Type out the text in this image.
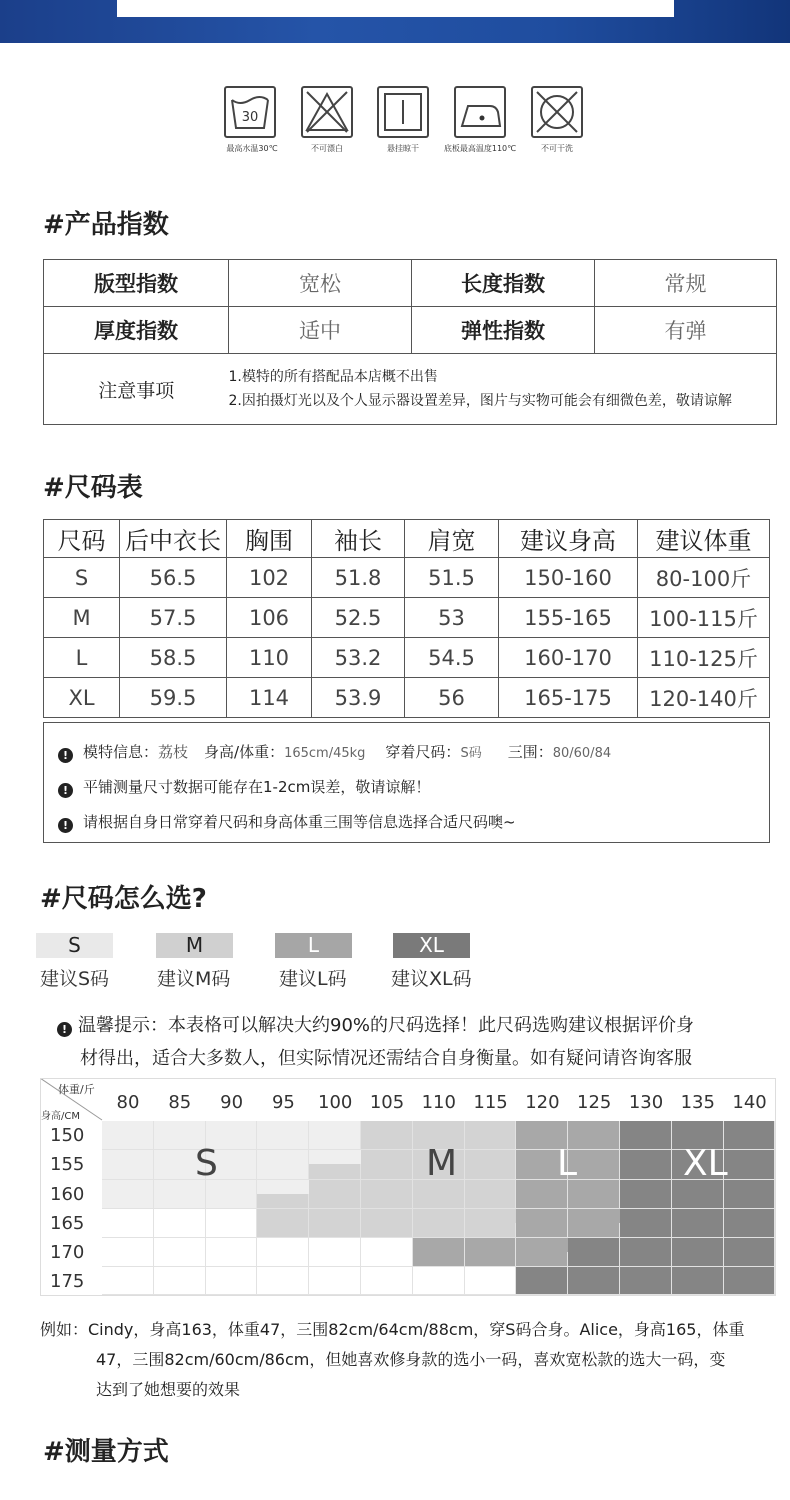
30
最高水温30℃	不可漂白	悬挂晾干	底板最高温度110℃	不可干洗
#产品指数
版型指数	宽松	长度指数	常规
厚度指数	适中	弹性指数	有弹
注意事项	1.模特的所有搭配品本店概不出售
2.因拍摄灯光以及个人显示器设置差异，图片与实物可能会有细微色差，敬请谅解		
#尺码表
尺码	后中衣长	胸围	袖长	肩宽	建议身高	建议体重
S	56.5	102	51.8	51.5	150-160	80-100斤
M	57.5	106	52.5	53	155-165	100-115斤
L	58.5	110	53.2	54.5	160-170	110-125斤
XL	59.5	114	53.9	56	165-175	120-140斤
! 模特信息：荔枝 身高/体重：165cm/45kg 穿着尺码：S码 三围：80/60/84
! 平铺测量尺寸数据可能存在1-2cm误差，敬请谅解！
! 请根据自身日常穿着尺码和身高体重三围等信息选择合适尺码噢~
#尺码怎么选?
S	M	L	XL
建议S码	建议M码	建议L码 建议XL码
! 温馨提示：本表格可以解决大约90%的尺码选择！此尺码选购建议根据评价身
材得出，适合大多数人，但实际情况还需结合自身衡量。如有疑问请咨询客服
体重/斤
身高/CM
80	85	90	95	100 105 110 115 120 125 130 135 140
150
155
160
165
170
175
S	M	L	XL
例如：Cindy，身高163，体重47，三围82cm/64cm/88cm，穿S码合身。Alice，身高165，体重
47，三围82cm/60cm/86cm，但她喜欢修身款的选小一码，喜欢宽松款的选大一码，变
达到了她想要的效果
#测量方式
